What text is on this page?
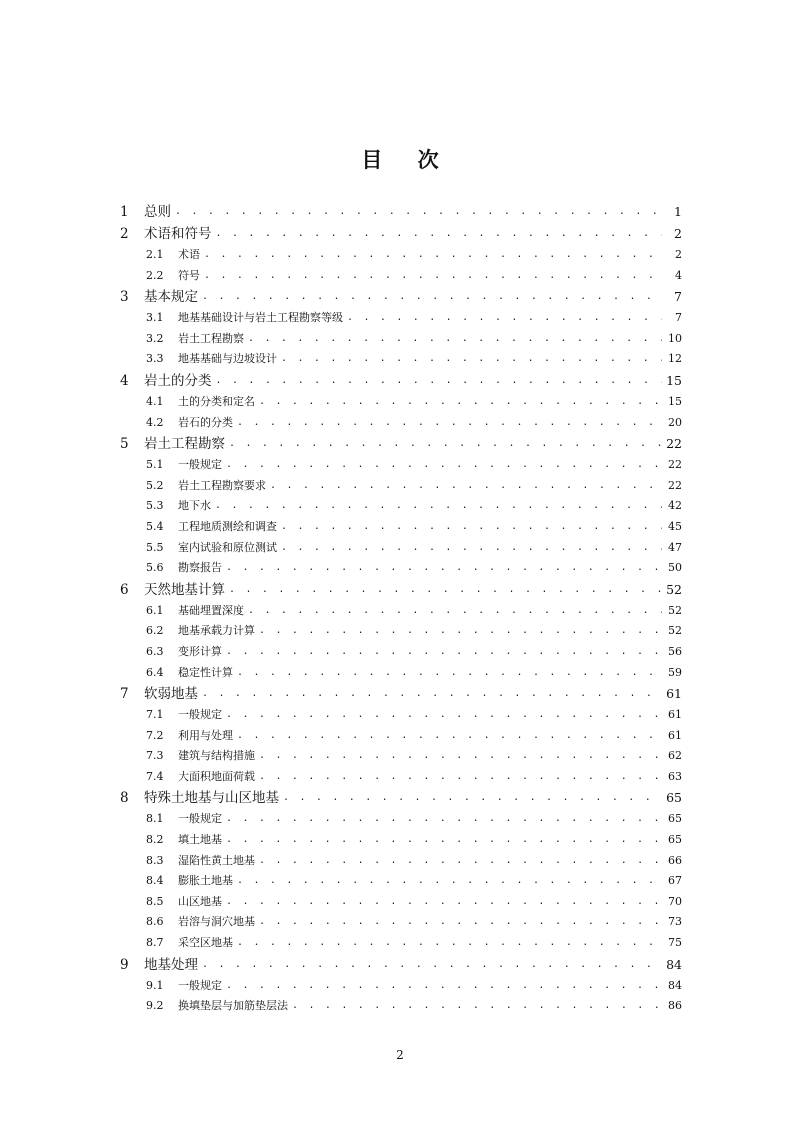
目 次
1	总则 . . .	1
2	术语和符号 . . .	2
2.1	术语 . . .	2
2.2	符号 . . .	4
3	基本规定 . . .	7
3.1	地基基础设计与岩土工程勘察等级 . . .	7
3.2	岩土工程勘察 . . .	10
3.3	地基基础与边坡设计 . . .	12
4	岩土的分类 . . .	15
4.1	土的分类和定名 . . .	15
4.2	岩石的分类 . . .	20
5	岩土工程勘察 . . .	22
5.1	一般规定 . . .	22
5.2	岩土工程勘察要求 . . .	22
5.3	地下水 . . .	42
5.4	工程地质测绘和调查 . . .	45
5.5	室内试验和原位测试 . . .	47
5.6	勘察报告 . . .	50
6	天然地基计算 . . .	52
6.1	基础埋置深度 . . .	52
6.2	地基承载力计算 . . .	52
6.3	变形计算 . . .	56
6.4	稳定性计算 . . .	59
7	软弱地基 . . .	61
7.1	一般规定 . . .	61
7.2	利用与处理 . . .	61
7.3	建筑与结构措施 . . .	62
7.4	大面积地面荷载 . . .	63
8	特殊土地基与山区地基 . . .	65
8.1	一般规定 . . .	65
8.2	填土地基 . . .	65
8.3	湿陷性黄土地基 . . .	66
8.4	膨胀土地基 . . .	67
8.5	山区地基 . . .	70
8.6	岩溶与洞穴地基 . . .	73
8.7	采空区地基 . . .	75
9	地基处理 . . .	84
9.1	一般规定 . . .	84
9.2	换填垫层与加筋垫层法 . . .	86
2
